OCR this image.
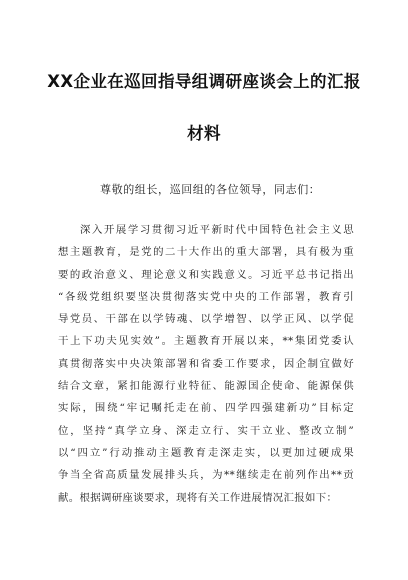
XX企业在巡回指导组调研座谈会上的汇报
材料
尊敬的组长，巡回组的各位领导，同志们：
深入开展学习贯彻习近平新时代中国特色社会主义思
想主题教育，是党的二十大作出的重大部署，具有极为重
要的政治意义、理论意义和实践意义。习近平总书记指出
“各级党组织要坚决贯彻落实党中央的工作部署，教育引
导党员、干部在以学铸魂、以学增智、以学正风、以学促
干上下功夫见实效”。主题教育开展以来，**集团党委认
真贯彻落实中央决策部署和省委工作要求，因企制宜做好
结合文章，紧扣能源行业特征、能源国企使命、能源保供
实际，围绕“牢记嘱托走在前、四学四强建新功”目标定
位，坚持“真学立身、深走立行、实干立业、整改立制”
以“四立”行动推动主题教育走深走实，以更加过硬成果
争当全省高质量发展排头兵，为**继续走在前列作出**贡
献。根据调研座谈要求，现将有关工作进展情况汇报如下：
